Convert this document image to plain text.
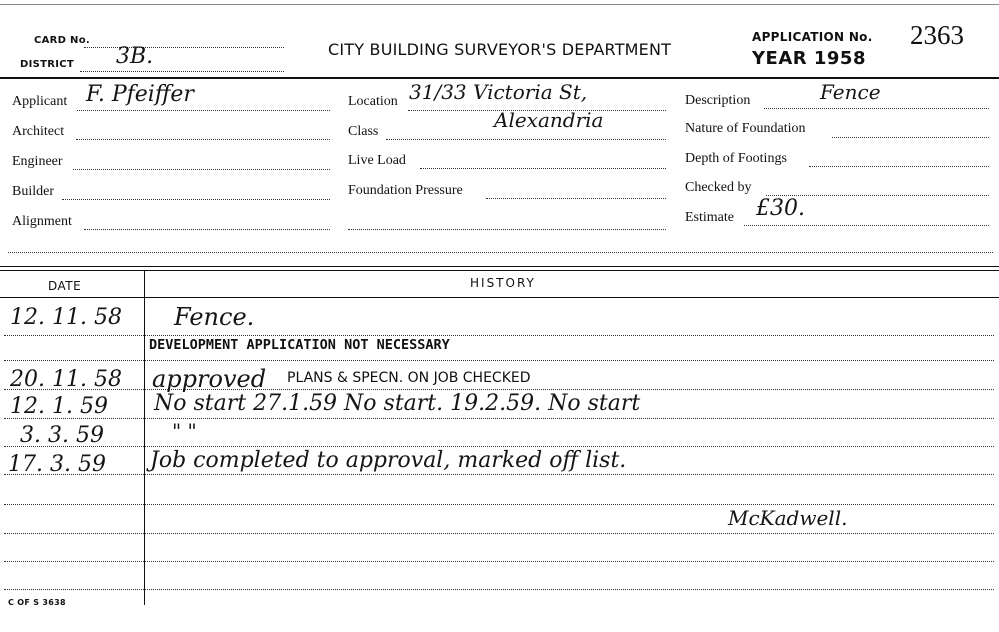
CARD No.
DISTRICT 3B.	CITY BUILDING SURVEYOR'S DEPARTMENT
APPLICATION No. 2363
YEAR 1958
Applicant F. Pfeiffer
Architect
Engineer
Builder
Alignment
Location 31/33 Victoria St,
Class	Alexandria
Live Load
Foundation Pressure
Description	Fence
Nature of Foundation
Depth of Footings
Checked by
Estimate £30.
DATE	HISTORY
12. 11. 58 Fence.
DEVELOPMENT APPLICATION NOT NECESSARY
20. 11. 58 approved PLANS & SPECN. ON JOB CHECKED
12. 1. 59 No start 27.1.59 No start. 19.2.59. No start
3. 3. 59	" "
17. 3. 59 Job completed to approval, marked off list.
McKadwell.
C OF S 3638
